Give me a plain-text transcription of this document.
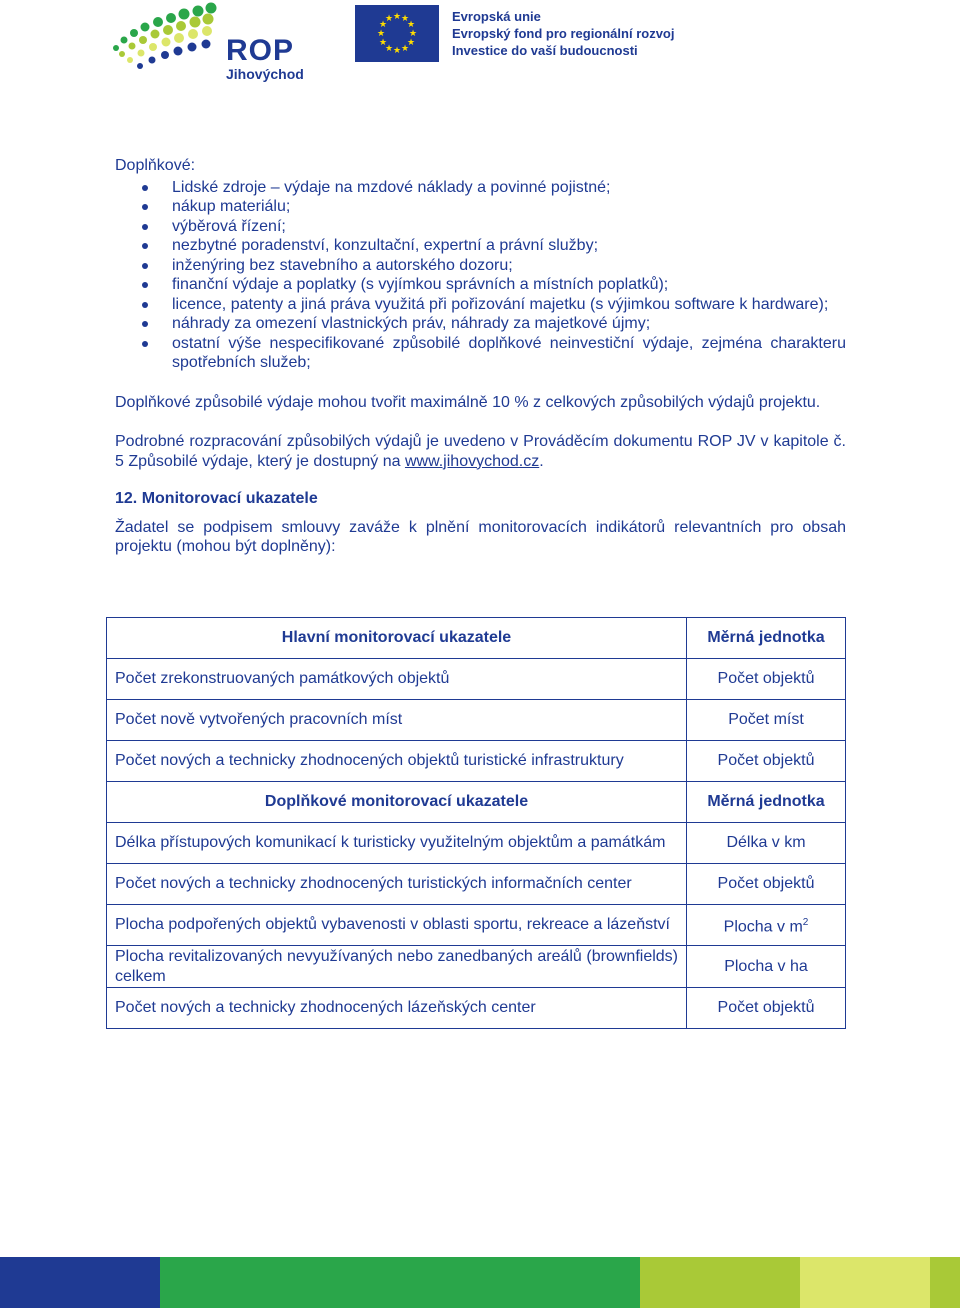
ROP
Jihovýchod
★ ★
★
★
★
★
★
★
★
★
★
★	Evropská unie
Evropský fond pro regionální rozvoj
Investice do vaší budoucnosti

Doplňkové:

Lidské zdroje – výdaje na mzdové náklady a povinné pojistné;
nákup materiálu;
výběrová řízení;
nezbytné poradenství, konzultační, expertní a právní služby;
inženýring bez stavebního a autorského dozoru;
finanční výdaje a poplatky (s vyjímkou správních a místních poplatků);
licence, patenty a jiná práva využitá při pořizování majetku (s výjimkou software k hardware);
náhrady za omezení vlastnických práv, náhrady za majetkové újmy;
ostatní výše nespecifikované způsobilé doplňkové neinvestiční výdaje, zejména charakteru spotřebních služeb;

Doplňkové způsobilé výdaje mohou tvořit maximálně 10 % z celkových způsobilých výdajů projektu.

Podrobné rozpracování způsobilých výdajů je uvedeno v Prováděcím dokumentu ROP JV v kapitole č. 5 Způsobilé výdaje, který je dostupný na www.jihovychod.cz.

12. Monitorovací ukazatele

Žadatel se podpisem smlouvy zaváže k plnění monitorovacích indikátorů relevantních pro obsah projektu (mohou být doplněny):

Hlavní monitorovací ukazatele	Měrná jednotka
Počet zrekonstruovaných památkových objektů	Počet objektů
Počet nově vytvořených pracovních míst	Počet míst
Počet nových a technicky zhodnocených objektů turistické infrastruktury	Počet objektů
Doplňkové monitorovací ukazatele	Měrná jednotka
Délka přístupových komunikací k turisticky využitelným objektům a památkám	Délka v km
Počet nových a technicky zhodnocených turistických informačních center	Počet objektů
Plocha podpořených objektů vybavenosti v oblasti sportu, rekreace a lázeňství	Plocha v $m^2$
Plocha revitalizovaných nevyužívaných nebo zanedbaných areálů (brownfields) celkem	Plocha v ha
Počet nových a technicky zhodnocených lázeňských center	Počet objektů
